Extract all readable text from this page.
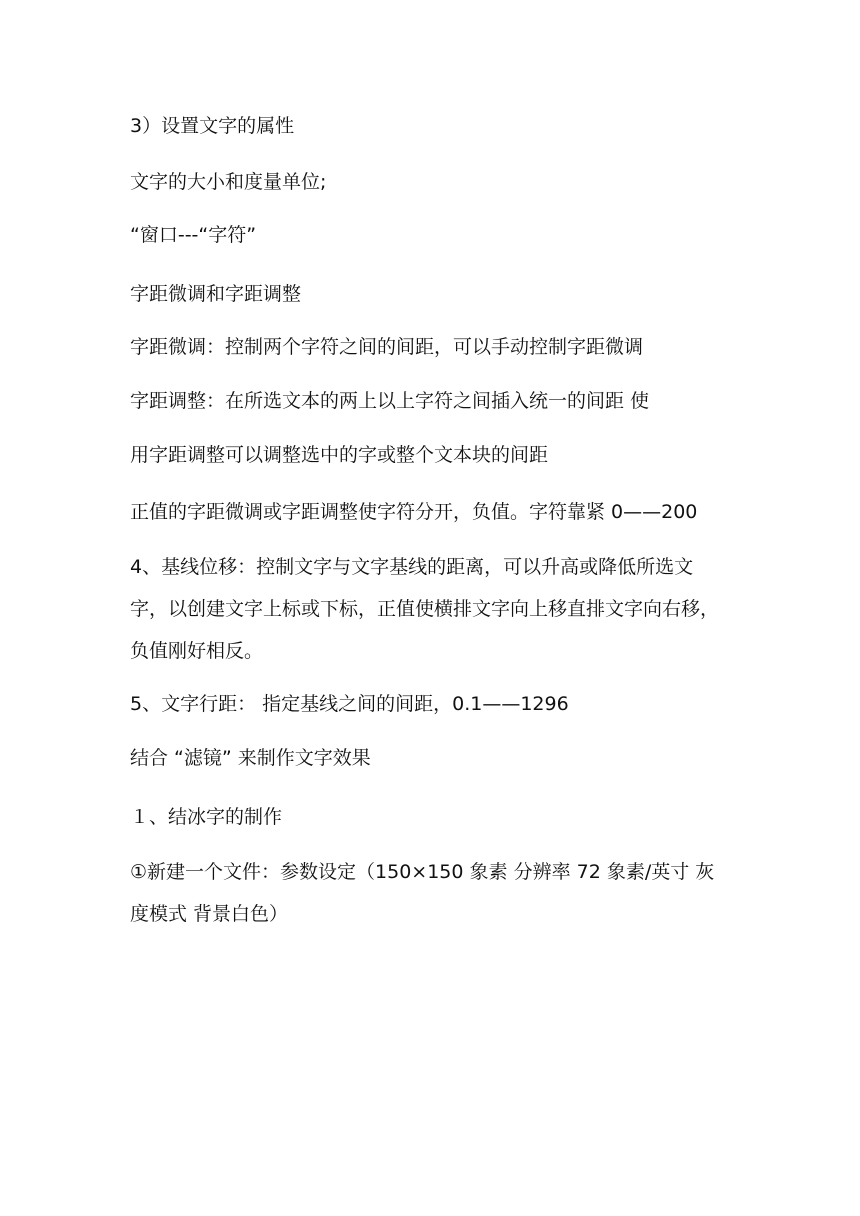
3）设置文字的属性
文字的大小和度量单位;
“窗口---“字符”
字距微调和字距调整
字距微调：控制两个字符之间的间距，可以手动控制字距微调
字距调整：在所选文本的两上以上字符之间插入统一的间距 使
用字距调整可以调整选中的字或整个文本块的间距
正值的字距微调或字距调整使字符分开，负值。字符靠紧 0——200
4、基线位移：控制文字与文字基线的距离，可以升高或降低所选文
字，以创建文字上标或下标，正值使横排文字向上移直排文字向右移，
负值刚好相反。
5、文字行距： 指定基线之间的间距，0.1——1296
结合 “滤镜” 来制作文字效果
１、结冰字的制作
①新建一个文件：参数设定（150×150 象素 分辨率 72 象素/英寸 灰
度模式 背景白色）
